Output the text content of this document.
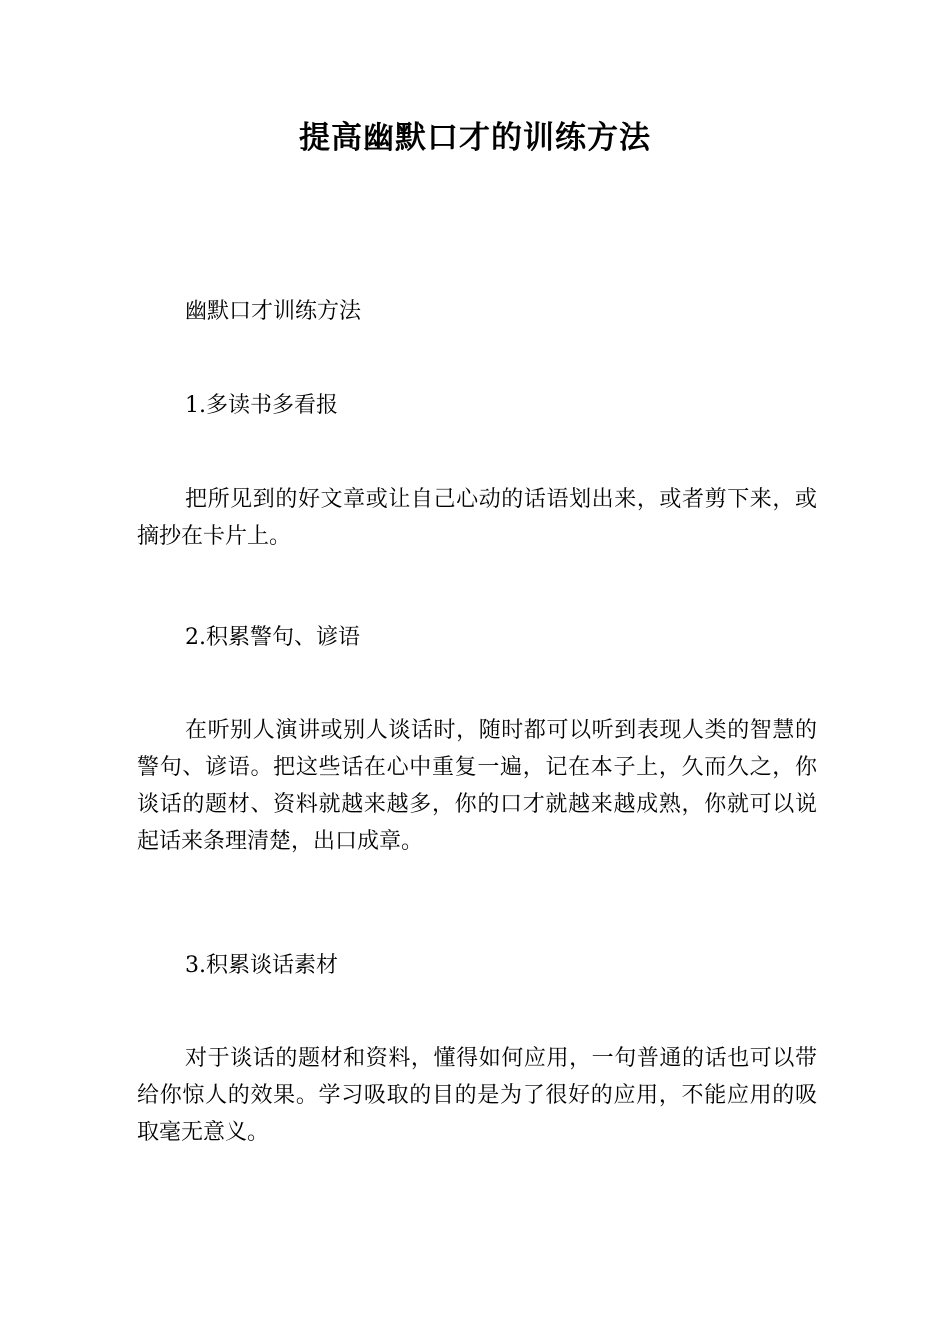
提高幽默口才的训练方法

幽默口才训练方法

1.多读书多看报

把所见到的好文章或让自己心动的话语划出来，或者剪下来，或摘抄在卡片上。

2.积累警句、谚语

在听别人演讲或别人谈话时，随时都可以听到表现人类的智慧的警句、谚语。把这些话在心中重复一遍，记在本子上，久而久之，你谈话的题材、资料就越来越多，你的口才就越来越成熟，你就可以说起话来条理清楚，出口成章。

3.积累谈话素材

对于谈话的题材和资料，懂得如何应用，一句普通的话也可以带给你惊人的效果。学习吸取的目的是为了很好的应用，不能应用的吸取毫无意义。
